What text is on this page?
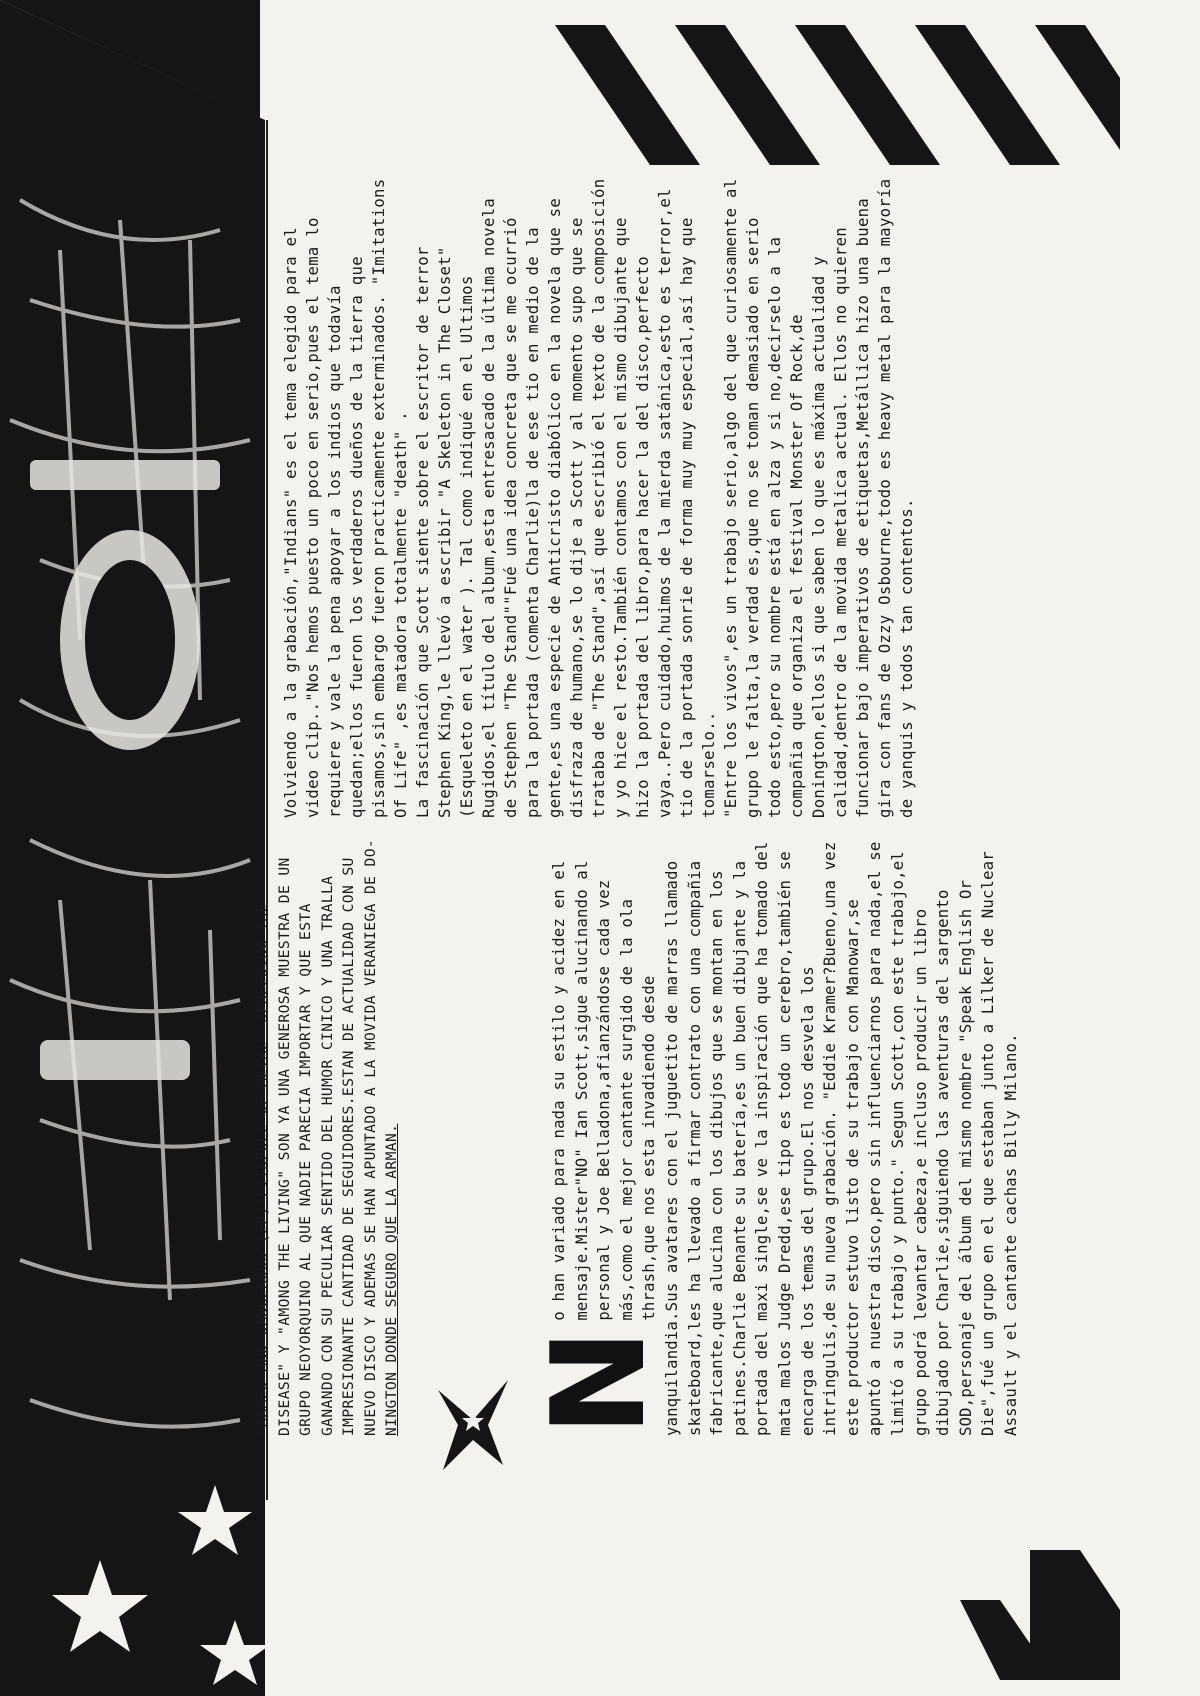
Volviendo a la grabación,"Indians" es el tema elegido para el video clip.."Nos hemos puesto un poco en serio,pues el tema lo requiere y vale la pena apoyar a los indios que todavía quedan;ellos fueron los verdaderos dueños de la tierra que pisamos,sin embargo fueron practicamente exterminados. "Imitations Of Life" ,es matadora totalmente "death" . La fascinación que Scott siente sobre el escritor de terror Stephen King,le llevó a escribir "A Skeleton in The Closet"(Esqueleto en el water ). Tal como indiqué en el Ultimos Rugidos,el título del album,esta entresacado de la última novela de Stephen "The Stand""Fué una idea concreta que se me ocurrió para la portada (comenta Charlie)la de ese tio en medio de la gente,es una especie de Anticristo diabólico en la novela que se disfraza de humano,se lo dije a Scott y al momento supo que se trataba de "The Stand",así que escribió el texto de la composición y yo hice el resto.También contamos con el mismo dibujante que hizo la portada del libro,para hacer la del disco,perfecto vaya..Pero cuidado,huimos de la mierda satánica,esto es terror,el tio de la portada sonrie de forma muy muy especial,así hay que tomarselo.. "Entre los vivos",es un trabajo serio,algo del que curiosamente al grupo le falta,la verdad es,que no se toman demasiado en serio todo esto,pero su nombre está en alza y si no,decirselo a la compañia que organiza el festival Monster Of Rock,de Donington,ellos si que saben lo que es máxima actualidad y calidad,dentro de la movida metalica actual. Ellos no quieren funcionar bajo imperativos de etiquetas,Metállica hizo una buena gira con fans de Ozzy Osbourne,todo es heavy metal para la mayoría de yanquis y todos tan contentos.

"ARMED AND DANGEROUS"(EP)"FITSFULL OF METAL""SPREEDING THE DISEASE" Y "AMONG THE LIVING" SON YA UNA GENEROSA MUESTRA DE UN GRUPO NEOYORQUINO AL QUE NADIE PARECIA IMPORTAR Y QUE ESTA GANANDO CON SU PECULIAR SENTIDO DEL HUMOR CINICO Y UNA TRALLA IMPRESIONANTE CANTIDAD DE SEGUIDORES.ESTAN DE ACTUALIDAD CON SU NUEVO DISCO Y ADEMAS SE HAN APUNTADO A LA MOVIDA VERANIEGA DE DO- NINGTON DONDE SEGURO QUE LA ARMAN. N
o han variado para nada su estilo y acidez en el mensaje.Mister"NO" Ian Scott,sigue alucinando al personal y Joe Belladona,afianzándose cada vez más,como el mejor cantante surgido de la ola thrash,que nos esta invadiendo desde yanquilandia.Sus avatares con el juguetito de marras llamado skateboard,les ha llevado a firmar contrato con una compañia fabricante,que alucina con los dibujos que se montan en los patines.Charlie Benante su batería,es un buen dibujante y la portada del maxi single,se ve la inspiración que ha tomado del mata malos Judge Dredd,ese tipo es todo un cerebro,también se encarga de los temas del grupo.El nos desvela los intringulis,de su nueva grabación. "Eddie Kramer?Bueno,una vez este productor estuvo listo de su trabajo con Manowar,se apuntó a nuestra disco,pero sin influenciarnos para nada,el se limitó a su trabajo y punto." Segun Scott,con este trabajo,el grupo podrá levantar cabeza,e incluso producir un libro dibujado por Charlie,siguiendo las aventuras del sargento SOD,personaje del álbum del mismo nombre "Speak English Or Die",fué un grupo en el que estaban junto a Lilker de Nuclear Assault y el cantante cachas Billy Milano.
